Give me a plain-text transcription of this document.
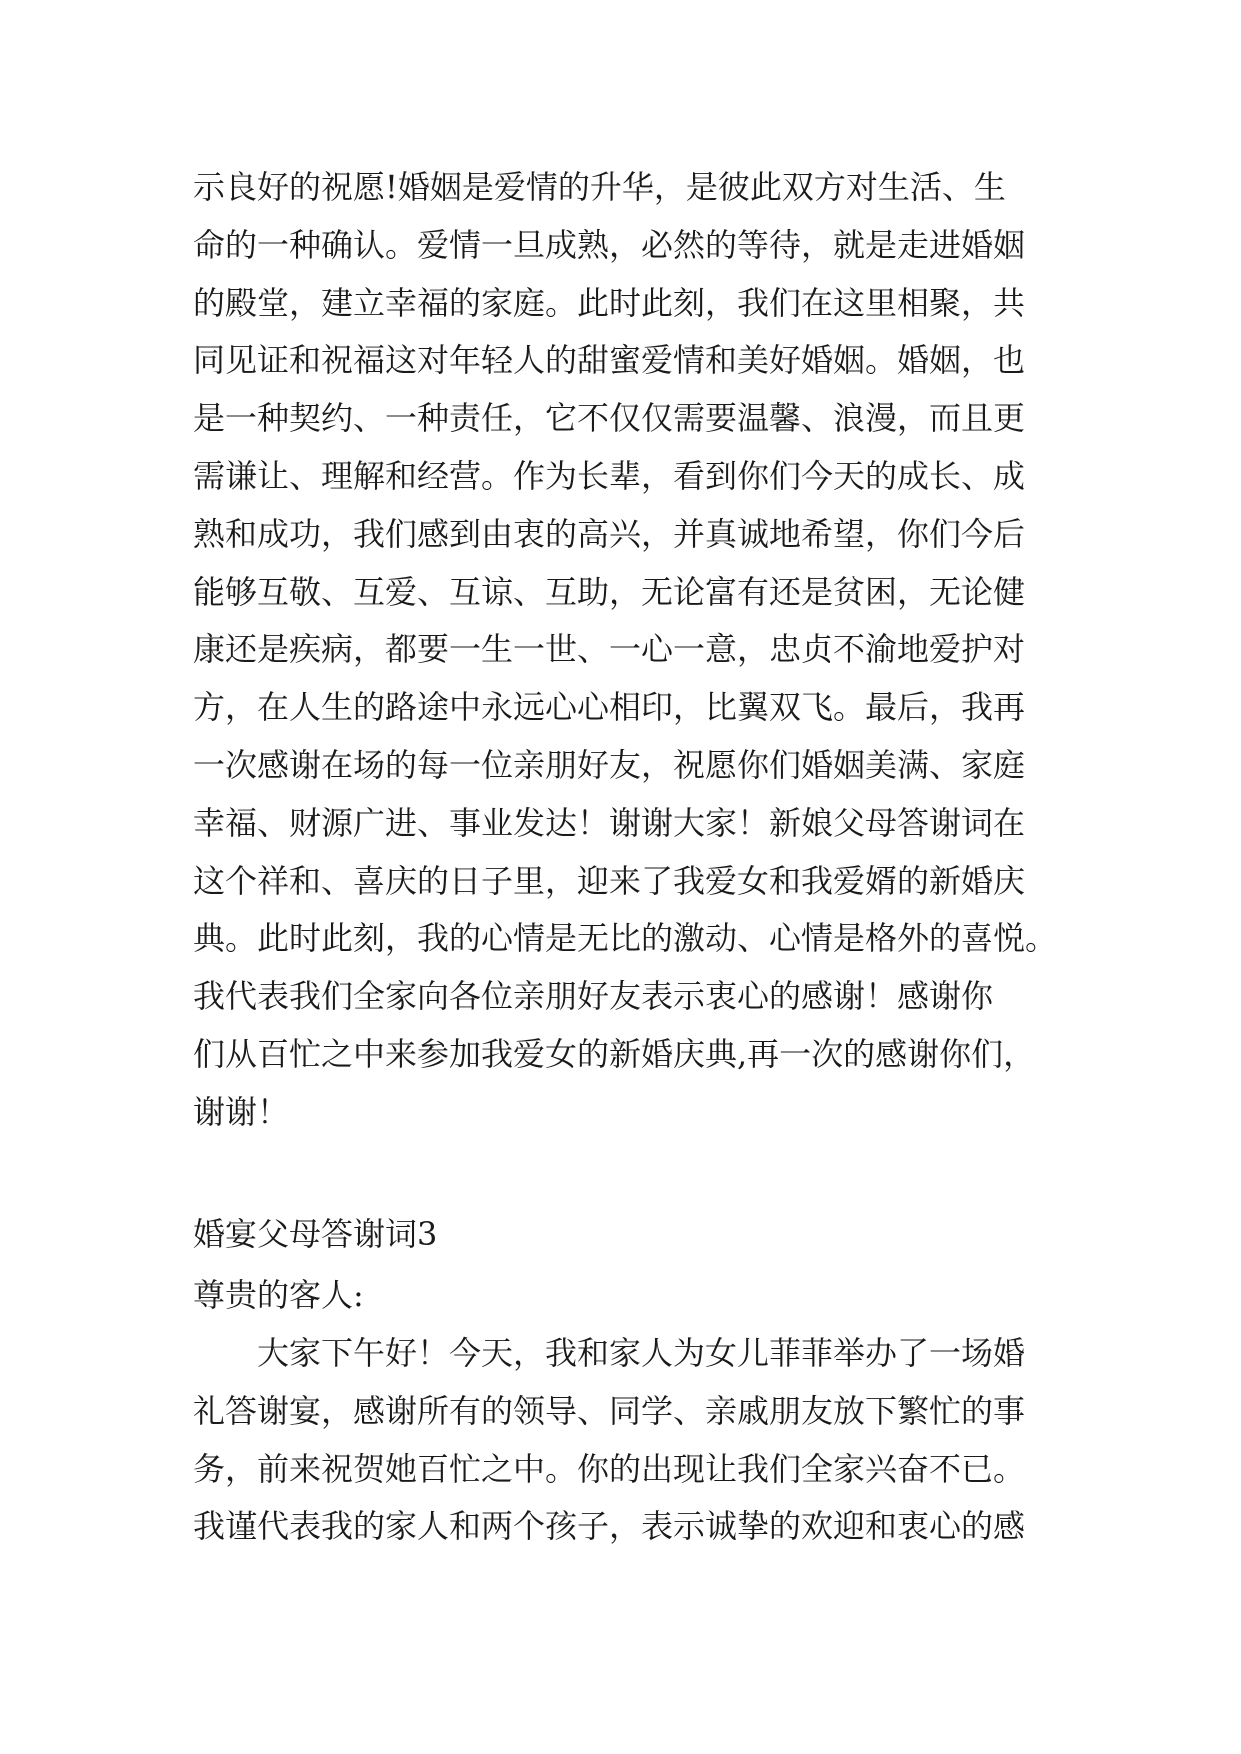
示良好的祝愿!婚姻是爱情的升华，是彼此双方对生活、生
命的一种确认。爱情一旦成熟，必然的等待，就是走进婚姻
的殿堂，建立幸福的家庭。此时此刻，我们在这里相聚，共
同见证和祝福这对年轻人的甜蜜爱情和美好婚姻。婚姻，也
是一种契约、一种责任，它不仅仅需要温馨、浪漫，而且更
需谦让、理解和经营。作为长辈，看到你们今天的成长、成
熟和成功，我们感到由衷的高兴，并真诚地希望，你们今后
能够互敬、互爱、互谅、互助，无论富有还是贫困，无论健
康还是疾病，都要一生一世、一心一意，忠贞不渝地爱护对
方，在人生的路途中永远心心相印，比翼双飞。最后，我再
一次感谢在场的每一位亲朋好友，祝愿你们婚姻美满、家庭
幸福、财源广进、事业发达！谢谢大家！新娘父母答谢词在
这个祥和、喜庆的日子里，迎来了我爱女和我爱婿的新婚庆
典。此时此刻，我的心情是无比的激动、心情是格外的喜悦。
我代表我们全家向各位亲朋好友表示衷心的感谢！感谢你
们从百忙之中来参加我爱女的新婚庆典,再一次的感谢你们，
谢谢！

婚宴父母答谢词3

尊贵的客人:

　　大家下午好！今天，我和家人为女儿菲菲举办了一场婚
礼答谢宴，感谢所有的领导、同学、亲戚朋友放下繁忙的事
务，前来祝贺她百忙之中。你的出现让我们全家兴奋不已。
我谨代表我的家人和两个孩子，表示诚挚的欢迎和衷心的感
